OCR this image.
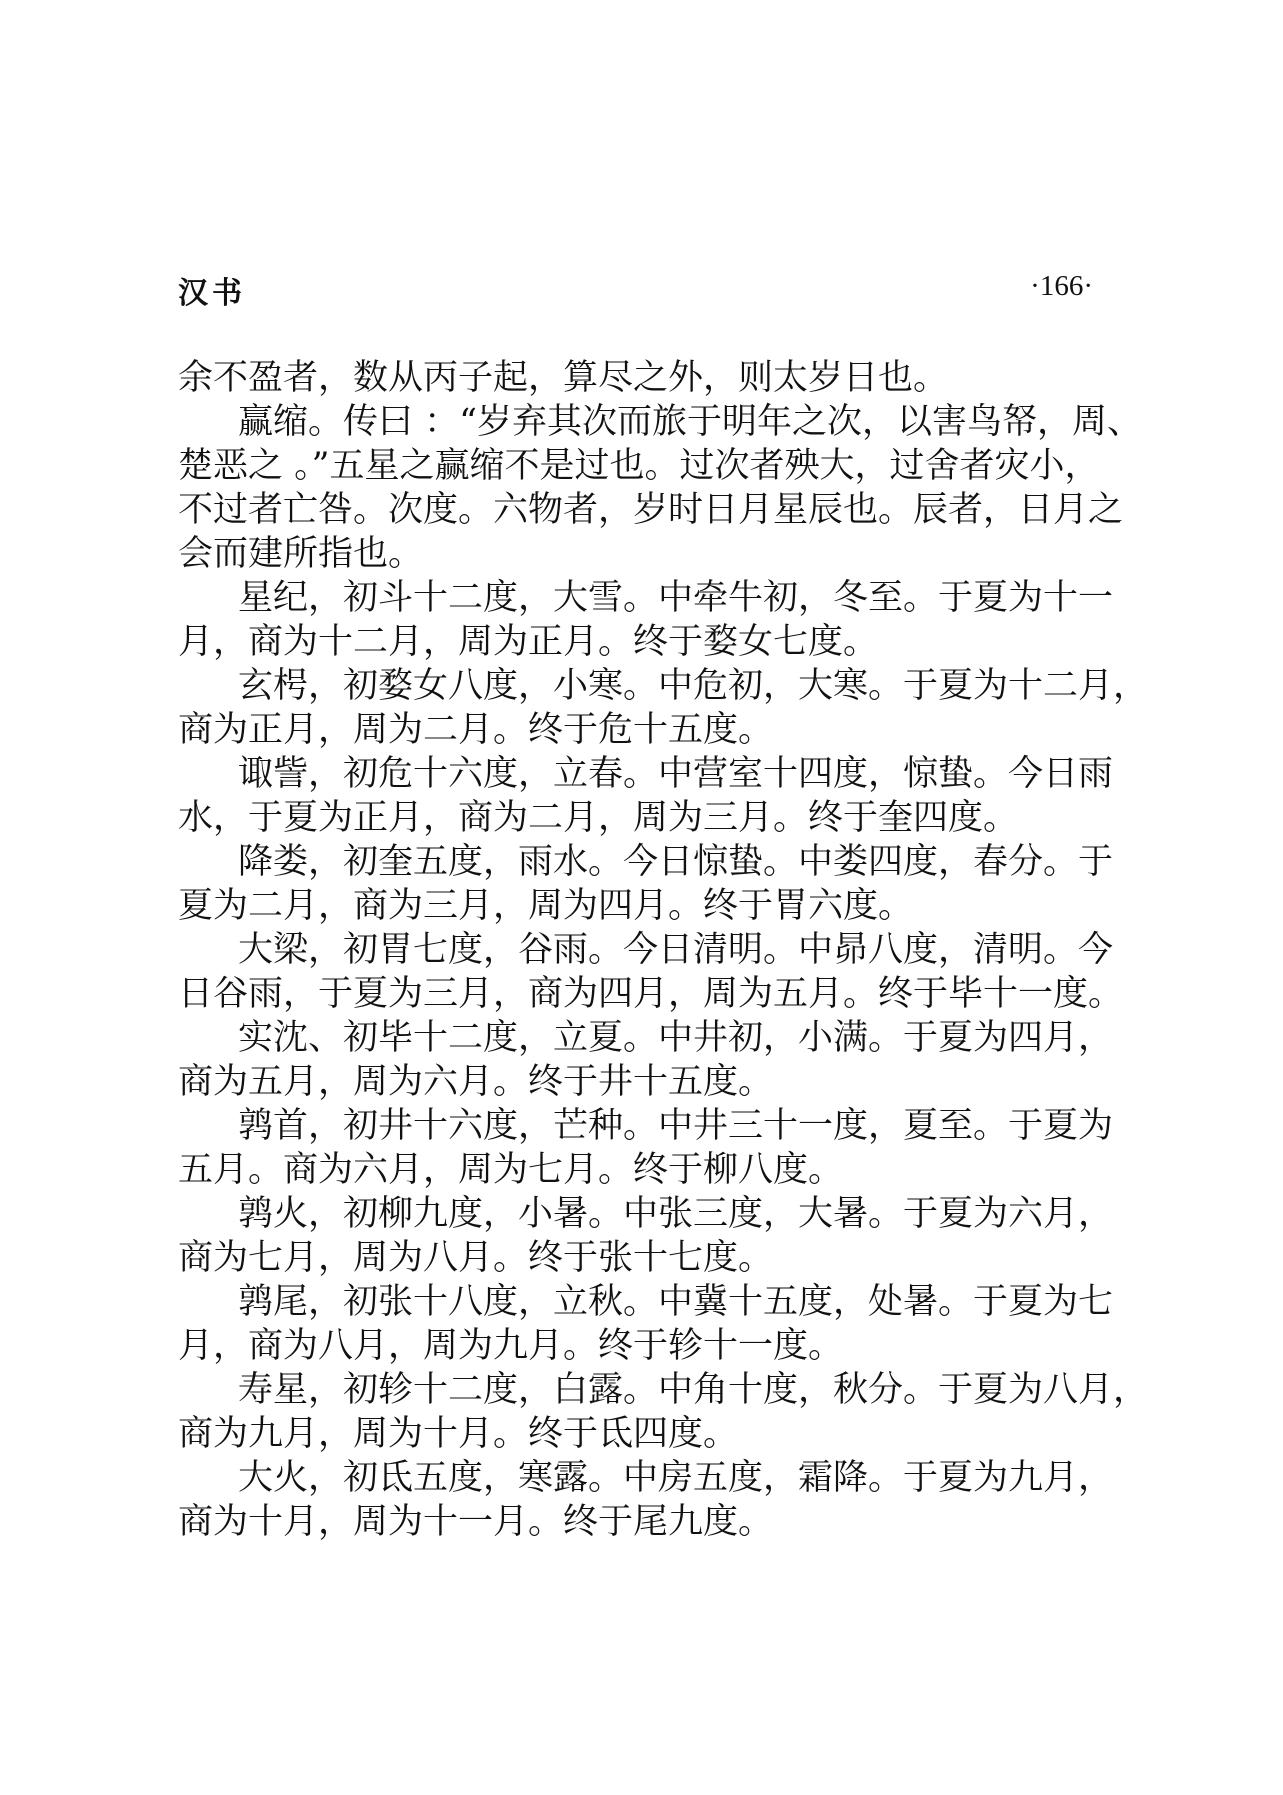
汉书	·166·
余不盈者，数从丙子起，算尽之外，则太岁日也。
赢缩。传曰 ：“岁弃其次而旅于明年之次，以害鸟帑，周、
楚恶之 。”五星之赢缩不是过也。过次者殃大，过舍者灾小，
不过者亡咎。次度。六物者，岁时日月星辰也。辰者，日月之
会而建所指也。
星纪，初斗十二度，大雪。中牵牛初，冬至。于夏为十一
月，商为十二月，周为正月。终于婺女七度。
玄枵，初婺女八度，小寒。中危初，大寒。于夏为十二月，
商为正月，周为二月。终于危十五度。
诹訾，初危十六度，立春。中营室十四度，惊蛰。今日雨
水，于夏为正月，商为二月，周为三月。终于奎四度。
降娄，初奎五度，雨水。今日惊蛰。中娄四度，春分。于
夏为二月，商为三月，周为四月。终于胃六度。
大梁，初胃七度，谷雨。今日清明。中昴八度，清明。今
日谷雨，于夏为三月，商为四月，周为五月。终于毕十一度。
实沈、初毕十二度，立夏。中井初，小满。于夏为四月，
商为五月，周为六月。终于井十五度。
鹑首，初井十六度，芒种。中井三十一度，夏至。于夏为
五月。商为六月，周为七月。终于柳八度。
鹑火，初柳九度，小暑。中张三度，大暑。于夏为六月，
商为七月，周为八月。终于张十七度。
鹑尾，初张十八度，立秋。中冀十五度，处暑。于夏为七
月，商为八月，周为九月。终于轸十一度。
寿星，初轸十二度，白露。中角十度，秋分。于夏为八月，
商为九月，周为十月。终于氐四度。
大火，初氐五度，寒露。中房五度，霜降。于夏为九月，
商为十月，周为十一月。终于尾九度。
